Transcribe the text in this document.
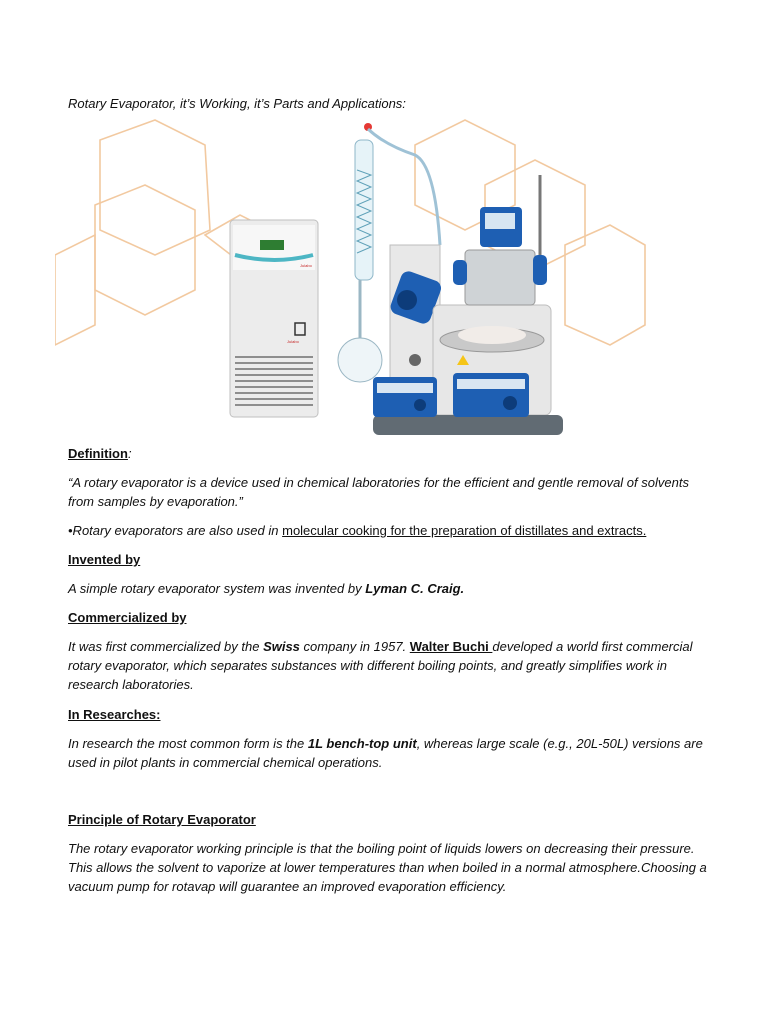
Rotary Evaporator, it’s Working, it’s Parts and Applications:
Julabo
Julabo
Definition:
“A rotary evaporator is a device used in chemical laboratories for the efficient and gentle removal of solvents from samples by evaporation.”
•Rotary evaporators are also used in molecular cooking for the preparation of distillates and extracts.
Invented by
A simple rotary evaporator system was invented by Lyman C. Craig.
Commercialized by
It was first commercialized by the Swiss company in 1957. Walter Buchi developed a world first commercial
rotary evaporator, which separates substances with different boiling points, and greatly simplifies work in
research laboratories.
In Researches:
In research the most common form is the 1L bench-top unit, whereas large scale (e.g., 20L-50L) versions are used in pilot plants in commercial chemical operations.
Principle of Rotary Evaporator
The rotary evaporator working principle is that the boiling point of liquids lowers on decreasing their pressure.
This allows the solvent to vaporize at lower temperatures than when boiled in a normal atmosphere.Choosing a
vacuum pump for rotavap will guarantee an improved evaporation efficiency.
